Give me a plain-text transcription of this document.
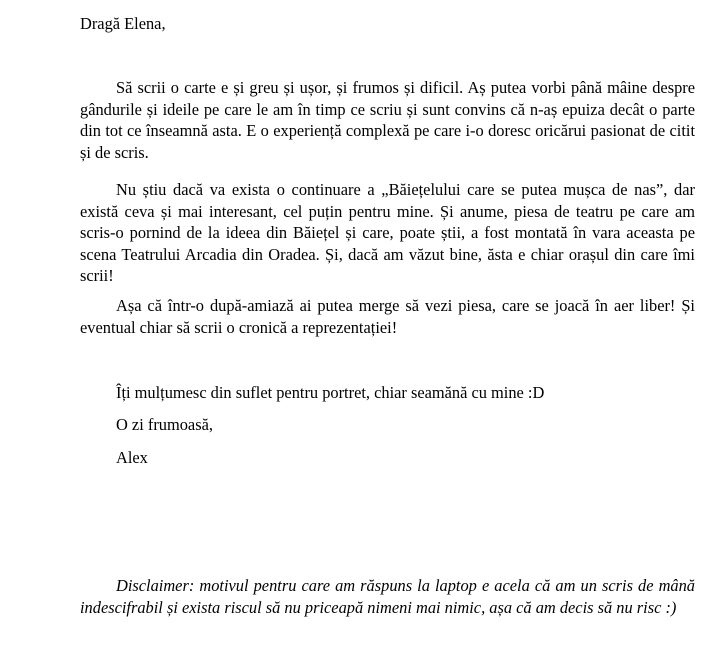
Dragă Elena,

Să scrii o carte e și greu și ușor, și frumos și dificil. Aș putea vorbi până mâine despre gândurile și ideile pe care le am în timp ce scriu și sunt convins că n-aș epuiza decât o parte din tot ce înseamnă asta. E o experiență complexă pe care i-o doresc oricărui pasionat de citit și de scris.

Nu știu dacă va exista o continuare a „Băiețelului care se putea mușca de nas”, dar există ceva și mai interesant, cel puțin pentru mine. Și anume, piesa de teatru pe care am scris-o pornind de la ideea din Băiețel și care, poate știi, a fost montată în vara aceasta pe scena Teatrului Arcadia din Oradea. Și, dacă am văzut bine, ăsta e chiar orașul din care îmi scrii!

Așa că într-o după-amiază ai putea merge să vezi piesa, care se joacă în aer liber! Și eventual chiar să scrii o cronică a reprezentației!

Îți mulțumesc din suflet pentru portret, chiar seamănă cu mine :D

O zi frumoasă,

Alex

Disclaimer: motivul pentru care am răspuns la laptop e acela că am un scris de mână indescifrabil și exista riscul să nu priceapă nimeni mai nimic, așa că am decis să nu risc :)
